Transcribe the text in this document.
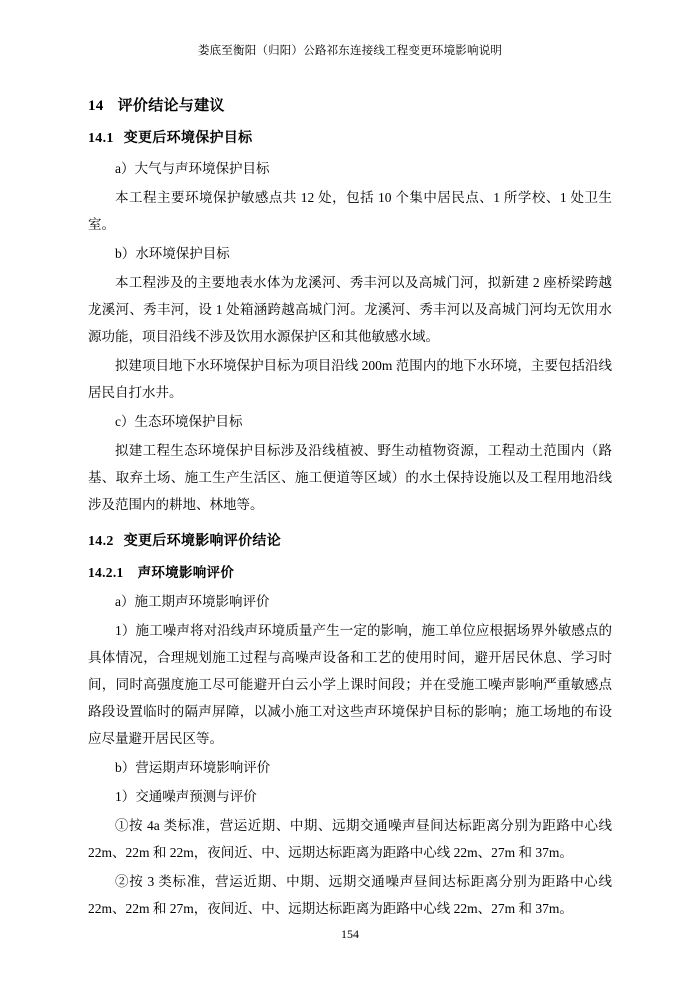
娄底至衡阳（归阳）公路祁东连接线工程变更环境影响说明
14 评价结论与建议
14.1 变更后环境保护目标

a）大气与声环境保护目标

本工程主要环境保护敏感点共 12 处，包括 10 个集中居民点、1 所学校、1 处卫生室。

b）水环境保护目标

本工程涉及的主要地表水体为龙溪河、秀丰河以及高城门河，拟新建 2 座桥梁跨越龙溪河、秀丰河，设 1 处箱涵跨越高城门河。龙溪河、秀丰河以及高城门河均无饮用水源功能，项目沿线不涉及饮用水源保护区和其他敏感水域。

拟建项目地下水环境保护目标为项目沿线 200m 范围内的地下水环境，主要包括沿线居民自打水井。

c）生态环境保护目标

拟建工程生态环境保护目标涉及沿线植被、野生动植物资源，工程动土范围内（路基、取弃土场、施工生产生活区、施工便道等区域）的水土保持设施以及工程用地沿线涉及范围内的耕地、林地等。

14.2 变更后环境影响评价结论
14.2.1 声环境影响评价

a）施工期声环境影响评价

1）施工噪声将对沿线声环境质量产生一定的影响，施工单位应根据场界外敏感点的具体情况，合理规划施工过程与高噪声设备和工艺的使用时间，避开居民休息、学习时间，同时高强度施工尽可能避开白云小学上课时间段；并在受施工噪声影响严重敏感点路段设置临时的隔声屏障，以减小施工对这些声环境保护目标的影响；施工场地的布设应尽量避开居民区等。

b）营运期声环境影响评价

1）交通噪声预测与评价

①按 4a 类标准，营运近期、中期、远期交通噪声昼间达标距离分别为距路中心线 22m、22m 和 22m，夜间近、中、远期达标距离为距路中心线 22m、27m 和 37m。

②按 3 类标准，营运近期、中期、远期交通噪声昼间达标距离分别为距路中心线 22m、22m 和 27m，夜间近、中、远期达标距离为距路中心线 22m、27m 和 37m。

154
